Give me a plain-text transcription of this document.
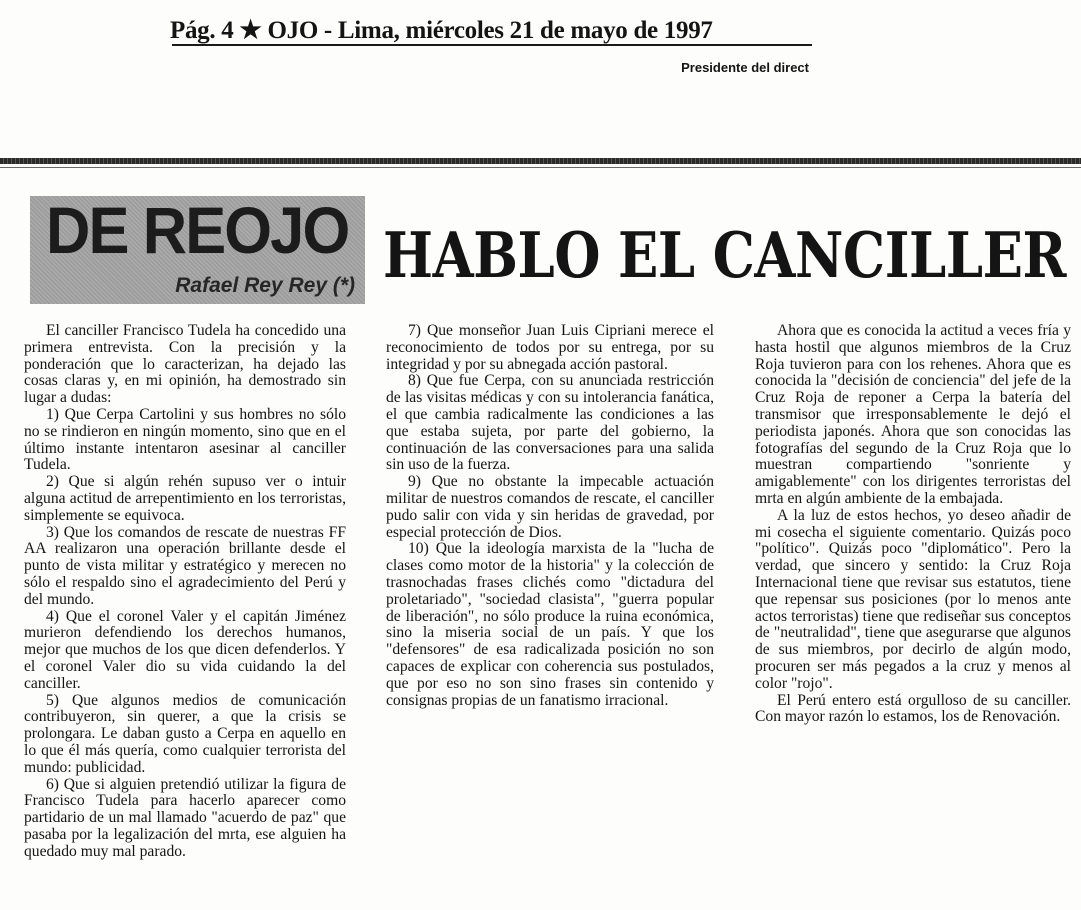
Pág. 4 ★ OJO - Lima, miércoles 21 de mayo de 1997
Presidente del direct
DE REOJO
Rafael Rey Rey (*) HABLO EL CANCILLER

El canciller Francisco Tudela ha concedido una primera entrevista. Con la precisión y la ponderación que lo caracterizan, ha dejado las cosas claras y, en mi opinión, ha demostrado sin lugar a dudas:

1) Que Cerpa Cartolini y sus hombres no sólo no se rindieron en ningún momento, sino que en el último instante intentaron asesinar al canciller Tudela.

2) Que si algún rehén supuso ver o intuir alguna actitud de arrepentimiento en los terroristas, simplemente se equivoca.

3) Que los comandos de rescate de nuestras FF AA realizaron una operación brillante desde el punto de vista militar y estratégico y merecen no sólo el respaldo sino el agradecimiento del Perú y del mundo.

4) Que el coronel Valer y el capitán Jiménez murieron defendiendo los derechos humanos, mejor que muchos de los que dicen defenderlos. Y el coronel Valer dio su vida cuidando la del canciller.

5) Que algunos medios de comunicación contribuyeron, sin querer, a que la crisis se prolongara. Le daban gusto a Cerpa en aquello en lo que él más quería, como cualquier terrorista del mundo: publicidad.

6) Que si alguien pretendió utilizar la figura de Francisco Tudela para hacerlo aparecer como partidario de un mal llamado "acuerdo de paz" que pasaba por la legalización del mrta, ese alguien ha quedado muy mal parado.

7) Que monseñor Juan Luis Cipriani merece el reconocimiento de todos por su entrega, por su integridad y por su abnegada acción pastoral.

8) Que fue Cerpa, con su anunciada restricción de las visitas médicas y con su intolerancia fanática, el que cambia radicalmente las condiciones a las que estaba sujeta, por parte del gobierno, la continuación de las conversaciones para una salida sin uso de la fuerza.

9) Que no obstante la impecable actuación militar de nuestros comandos de rescate, el canciller pudo salir con vida y sin heridas de gravedad, por especial protección de Dios.

10) Que la ideología marxista de la "lucha de clases como motor de la historia" y la colección de trasnochadas frases clichés como "dictadura del proletariado", "sociedad clasista", "guerra popular de liberación", no sólo produce la ruina económica, sino la miseria social de un país. Y que los "defensores" de esa radicalizada posición no son capaces de explicar con coherencia sus postulados, que por eso no son sino frases sin contenido y consignas propias de un fanatismo irracional.

Ahora que es conocida la actitud a veces fría y hasta hostil que algunos miembros de la Cruz Roja tuvieron para con los rehenes. Ahora que es conocida la "decisión de conciencia" del jefe de la Cruz Roja de reponer a Cerpa la batería del transmisor que irresponsablemente le dejó el periodista japonés. Ahora que son conocidas las fotografías del segundo de la Cruz Roja que lo muestran compartiendo "sonriente y amigablemente" con los dirigentes terroristas del mrta en algún ambiente de la embajada.

A la luz de estos hechos, yo deseo añadir de mi cosecha el siguiente comentario. Quizás poco "político". Quizás poco "diplomático". Pero la verdad, que sincero y sentido: la Cruz Roja Internacional tiene que revisar sus estatutos, tiene que repensar sus posiciones (por lo menos ante actos terroristas) tiene que rediseñar sus conceptos de "neutralidad", tiene que asegurarse que algunos de sus miembros, por decirlo de algún modo, procuren ser más pegados a la cruz y menos al color "rojo".

El Perú entero está orgulloso de su canciller. Con mayor razón lo estamos, los de Renovación.
